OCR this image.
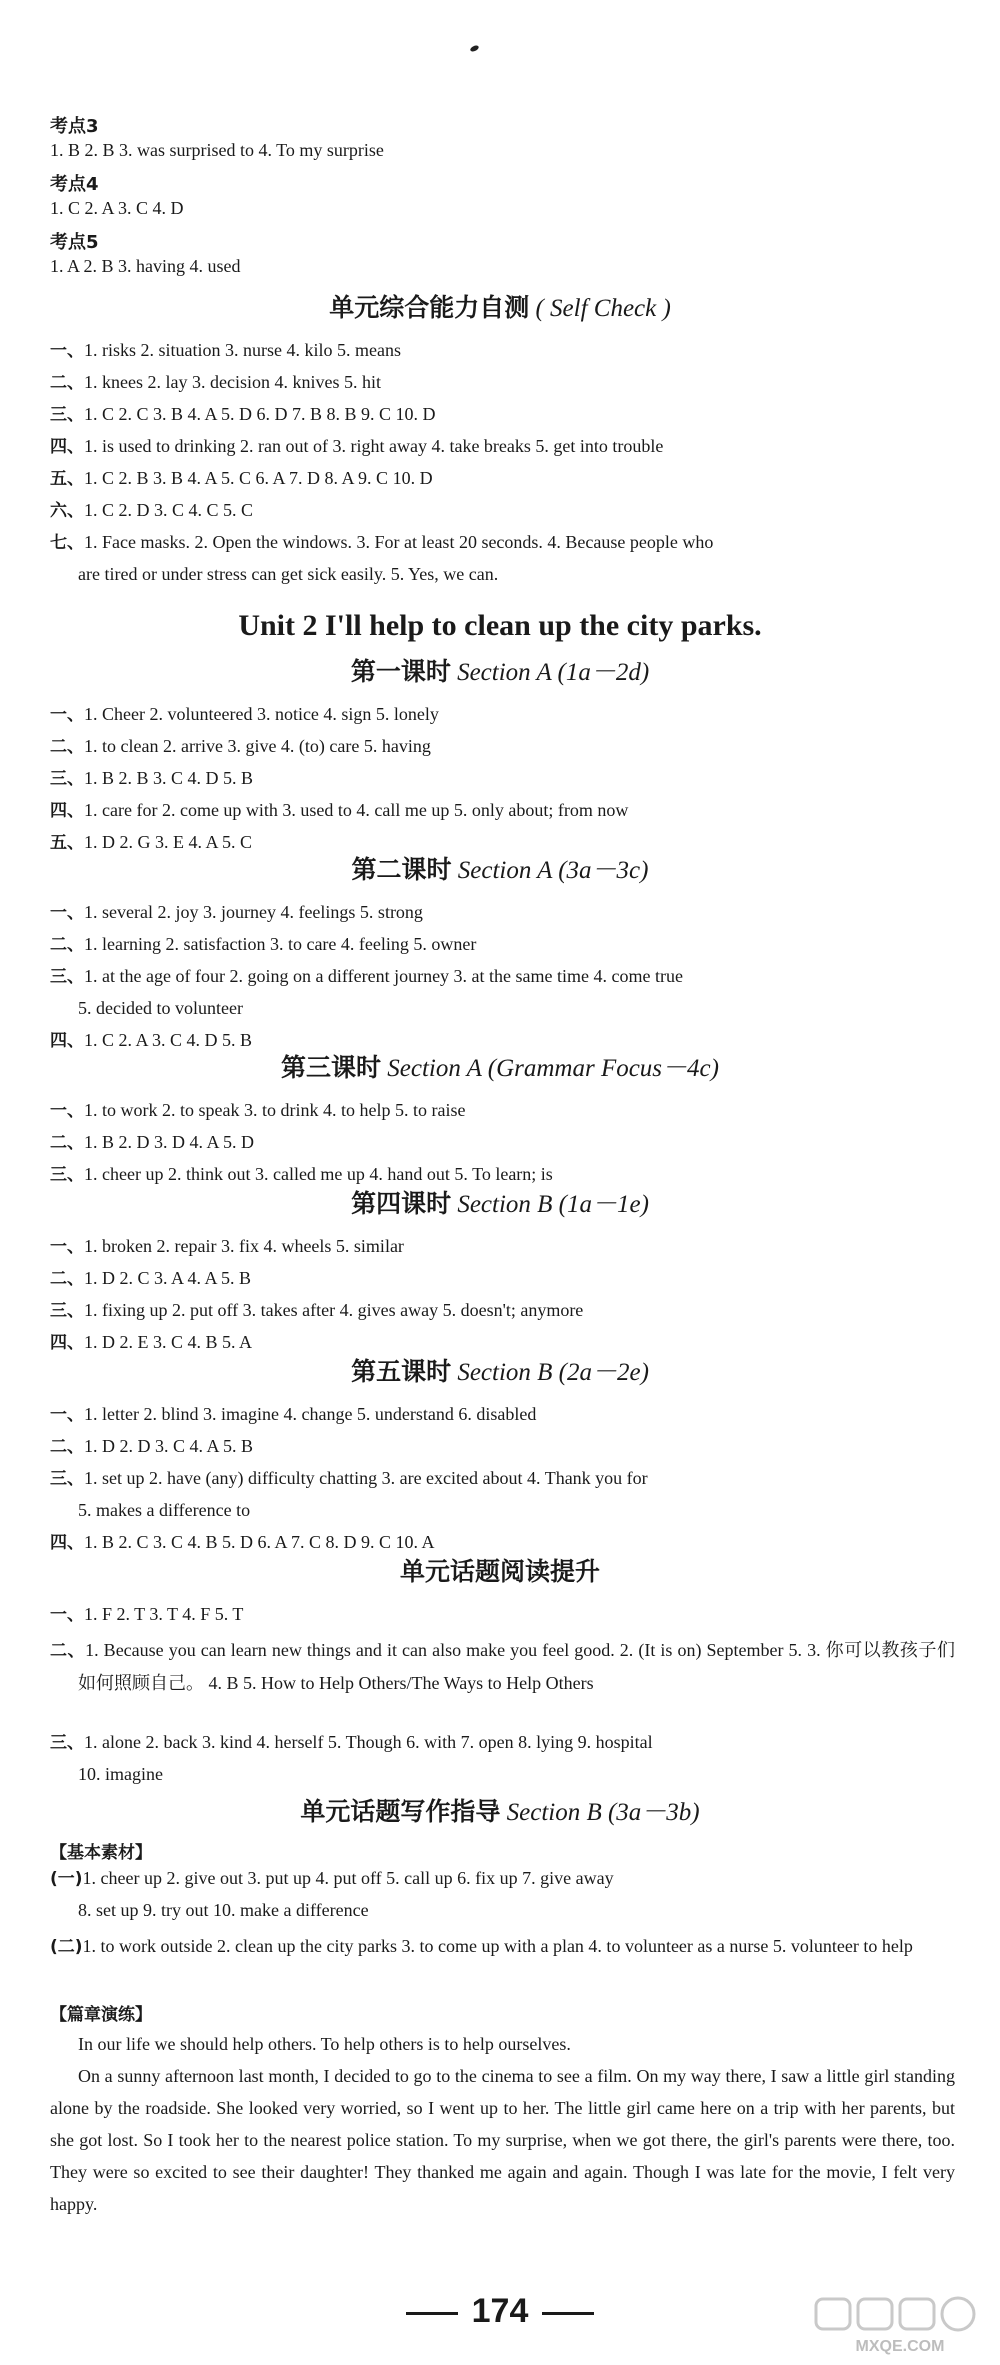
考点3
1. B 2. B 3. was surprised to 4. To my surprise
考点4
1. C 2. A 3. C 4. D
考点5
1. A 2. B 3. having 4. used
单元综合能力自测 ( Self Check )
一、1. risks 2. situation 3. nurse 4. kilo 5. means
二、1. knees 2. lay 3. decision 4. knives 5. hit
三、1. C 2. C 3. B 4. A 5. D 6. D 7. B 8. B 9. C 10. D
四、1. is used to drinking 2. ran out of 3. right away 4. take breaks 5. get into trouble
五、1. C 2. B 3. B 4. A 5. C 6. A 7. D 8. A 9. C 10. D
六、1. C 2. D 3. C 4. C 5. C
七、1. Face masks. 2. Open the windows. 3. For at least 20 seconds. 4. Because people who
are tired or under stress can get sick easily. 5. Yes, we can.
Unit 2 I'll help to clean up the city parks.
第一课时 Section A (1a－2d)
一、1. Cheer 2. volunteered 3. notice 4. sign 5. lonely
二、1. to clean 2. arrive 3. give 4. (to) care 5. having
三、1. B 2. B 3. C 4. D 5. B
四、1. care for 2. come up with 3. used to 4. call me up 5. only about; from now
五、1. D 2. G 3. E 4. A 5. C
第二课时 Section A (3a－3c)
一、1. several 2. joy 3. journey 4. feelings 5. strong
二、1. learning 2. satisfaction 3. to care 4. feeling 5. owner
三、1. at the age of four 2. going on a different journey 3. at the same time 4. come true
5. decided to volunteer
四、1. C 2. A 3. C 4. D 5. B
第三课时 Section A (Grammar Focus－4c)
一、1. to work 2. to speak 3. to drink 4. to help 5. to raise
二、1. B 2. D 3. D 4. A 5. D
三、1. cheer up 2. think out 3. called me up 4. hand out 5. To learn; is
第四课时 Section B (1a－1e)
一、1. broken 2. repair 3. fix 4. wheels 5. similar
二、1. D 2. C 3. A 4. A 5. B
三、1. fixing up 2. put off 3. takes after 4. gives away 5. doesn't; anymore
四、1. D 2. E 3. C 4. B 5. A
第五课时 Section B (2a－2e)
一、1. letter 2. blind 3. imagine 4. change 5. understand 6. disabled
二、1. D 2. D 3. C 4. A 5. B
三、1. set up 2. have (any) difficulty chatting 3. are excited about 4. Thank you for
5. makes a difference to
四、1. B 2. C 3. C 4. B 5. D 6. A 7. C 8. D 9. C 10. A
单元话题阅读提升
一、1. F 2. T 3. T 4. F 5. T
二、1. Because you can learn new things and it can also make you feel good. 2. (It is on) September 5. 3. 你可以教孩子们如何照顾自己。 4. B 5. How to Help Others/The Ways to Help Others
三、1. alone 2. back 3. kind 4. herself 5. Though 6. with 7. open 8. lying 9. hospital
10. imagine
单元话题写作指导 Section B (3a－3b)
【基本素材】
(一)1. cheer up 2. give out 3. put up 4. put off 5. call up 6. fix up 7. give away
8. set up 9. try out 10. make a difference
(二)1. to work outside 2. clean up the city parks 3. to come up with a plan 4. to volunteer as a nurse 5. volunteer to help
【篇章演练】
In our life we should help others. To help others is to help ourselves.
On a sunny afternoon last month, I decided to go to the cinema to see a film. On my way there, I saw a little girl standing alone by the roadside. She looked very worried, so I went up to her. The little girl came here on a trip with her parents, but she got lost. So I took her to the nearest police station. To my surprise, when we got there, the girl's parents were there, too. They were so excited to see their daughter! They thanked me again and again. Though I was late for the movie, I felt very happy.
174
MXQE.COM
